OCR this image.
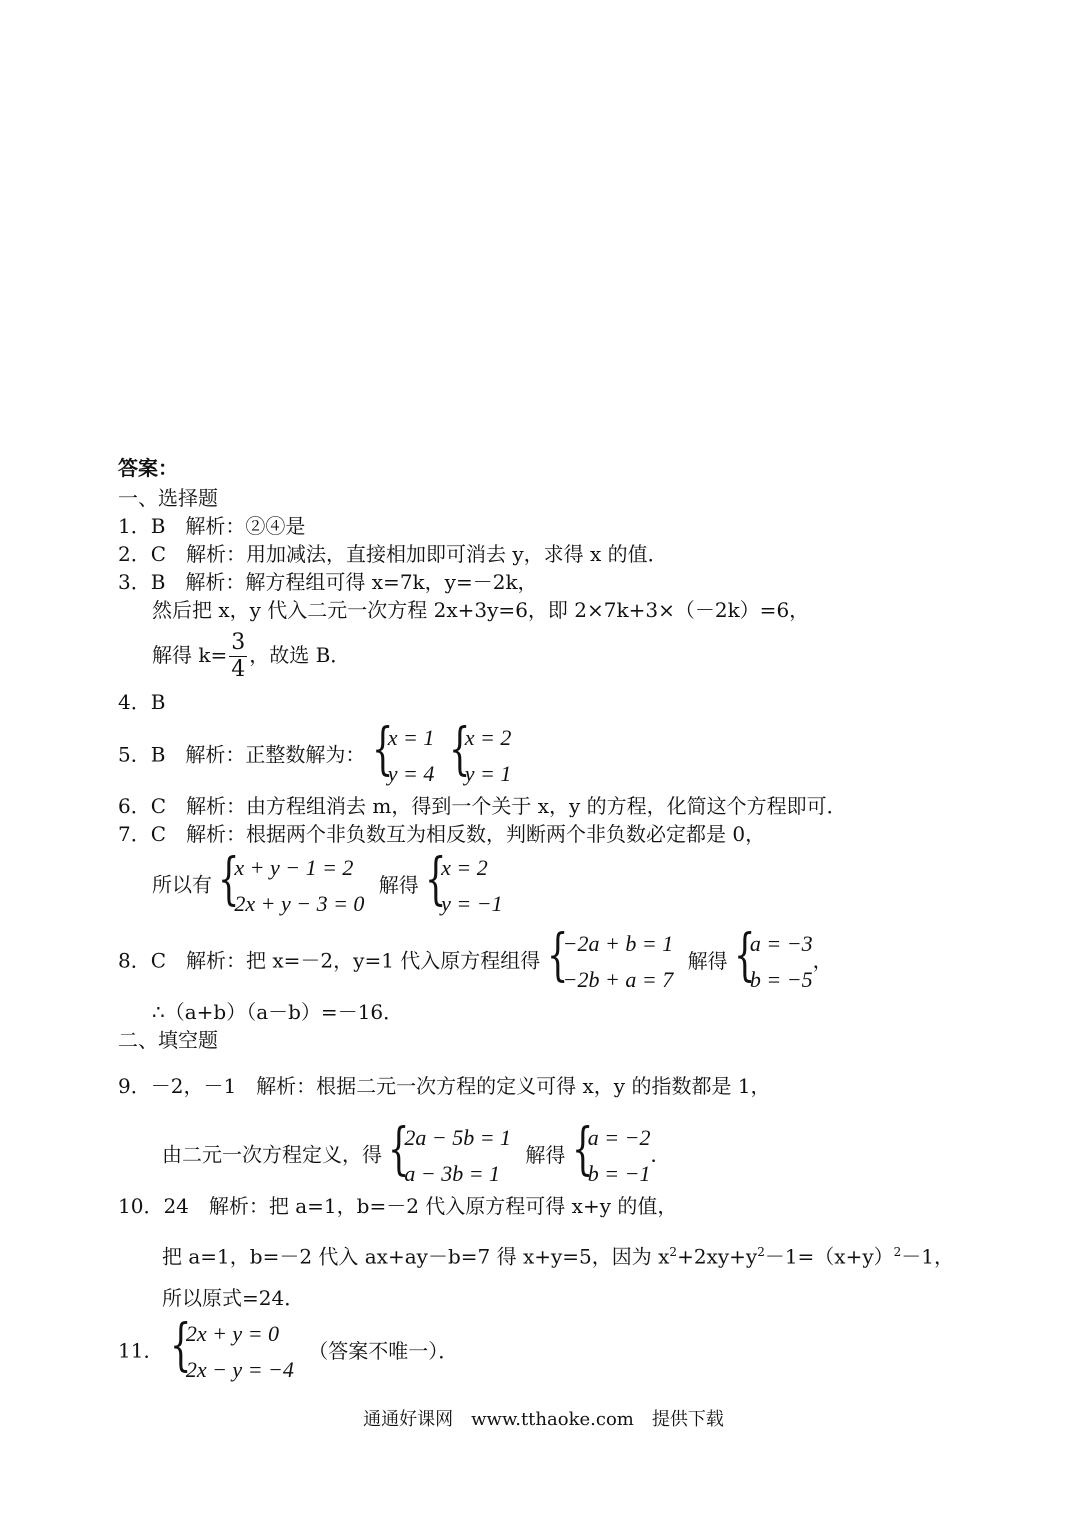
答案：
一、选择题
1．B　解析：②④是
2．C　解析：用加减法，直接相加即可消去 y，求得 x 的值．
3．B　解析：解方程组可得 x=7k，y=－2k，
然后把 x，y 代入二元一次方程 2x+3y=6，即 2×7k+3×（－2k）=6，
解得 $k= \frac{3}{4}$ ，故选 B．
4．B
5．B　解析：正整数解为： {
x = 1
y = 4
{
x = 2
y = 1
6．C　解析：由方程组消去 m，得到一个关于 x，y 的方程，化简这个方程即可．
7．C　解析：根据两个非负数互为相反数，判断两个非负数必定都是 0，
所以有 {
x + y − 1 = 2
2x + y − 3 = 0
解得 {
x = 2
y = −1
8．C　解析：把 x=－2，y=1 代入原方程组得 {
−2a + b = 1
−2b + a = 7
解得 {
a = −3
b = −5
，
∴（a+b）（a－b）=－16．
二、填空题
9．－2，－1　解析：根据二元一次方程的定义可得 x，y 的指数都是 1，
由二元一次方程定义，得 {
2a − 5b = 1
a − 3b = 1
解得 {
a = −2
b = −1
．
10．24　解析：把 a=1，b=－2 代入原方程可得 x+y 的值，
把 a=1，b=－2 代入 ax+ay－b=7 得 x+y=5，因为 $x^2+2xy+y^2-1=(x+y)^2-1$，
所以原式=24．
11． {
2x + y = 0
2x − y = −4
（答案不唯一）．
通通好课网　www.tthaoke.com　提供下载
